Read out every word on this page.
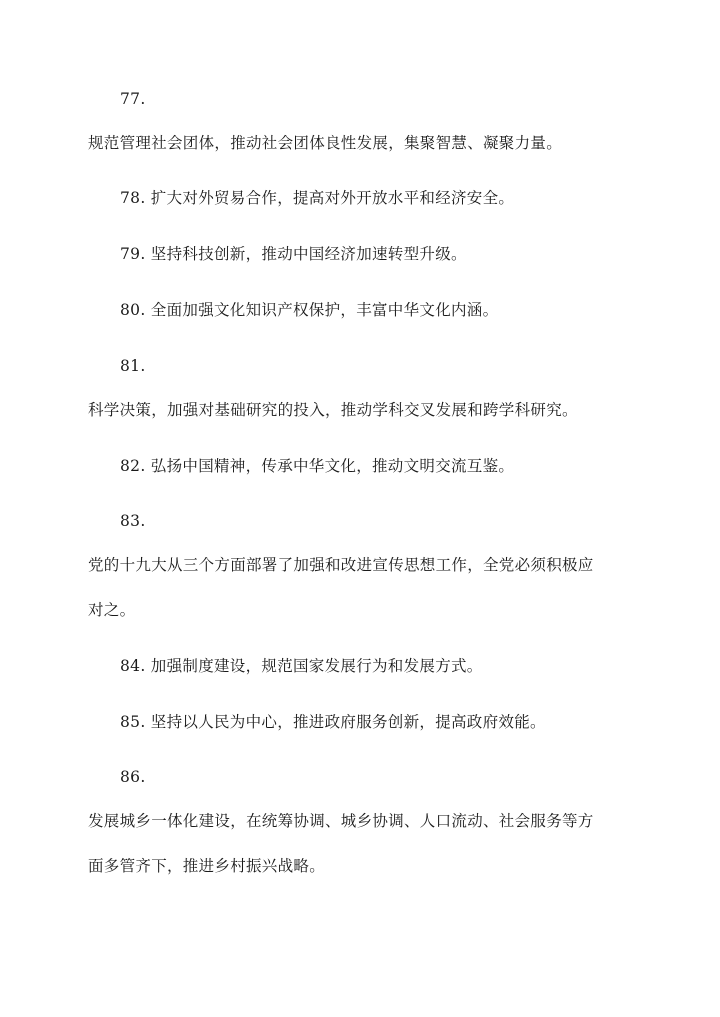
77.
规范管理社会团体，推动社会团体良性发展，集聚智慧、凝聚力量。
78. 扩大对外贸易合作，提高对外开放水平和经济安全。
79. 坚持科技创新，推动中国经济加速转型升级。
80. 全面加强文化知识产权保护，丰富中华文化内涵。
81.
科学决策，加强对基础研究的投入，推动学科交叉发展和跨学科研究。
82. 弘扬中国精神，传承中华文化，推动文明交流互鉴。
83.
党的十九大从三个方面部署了加强和改进宣传思想工作，全党必须积极应
对之。
84. 加强制度建设，规范国家发展行为和发展方式。
85. 坚持以人民为中心，推进政府服务创新，提高政府效能。
86.
发展城乡一体化建设，在统筹协调、城乡协调、人口流动、社会服务等方
面多管齐下，推进乡村振兴战略。
